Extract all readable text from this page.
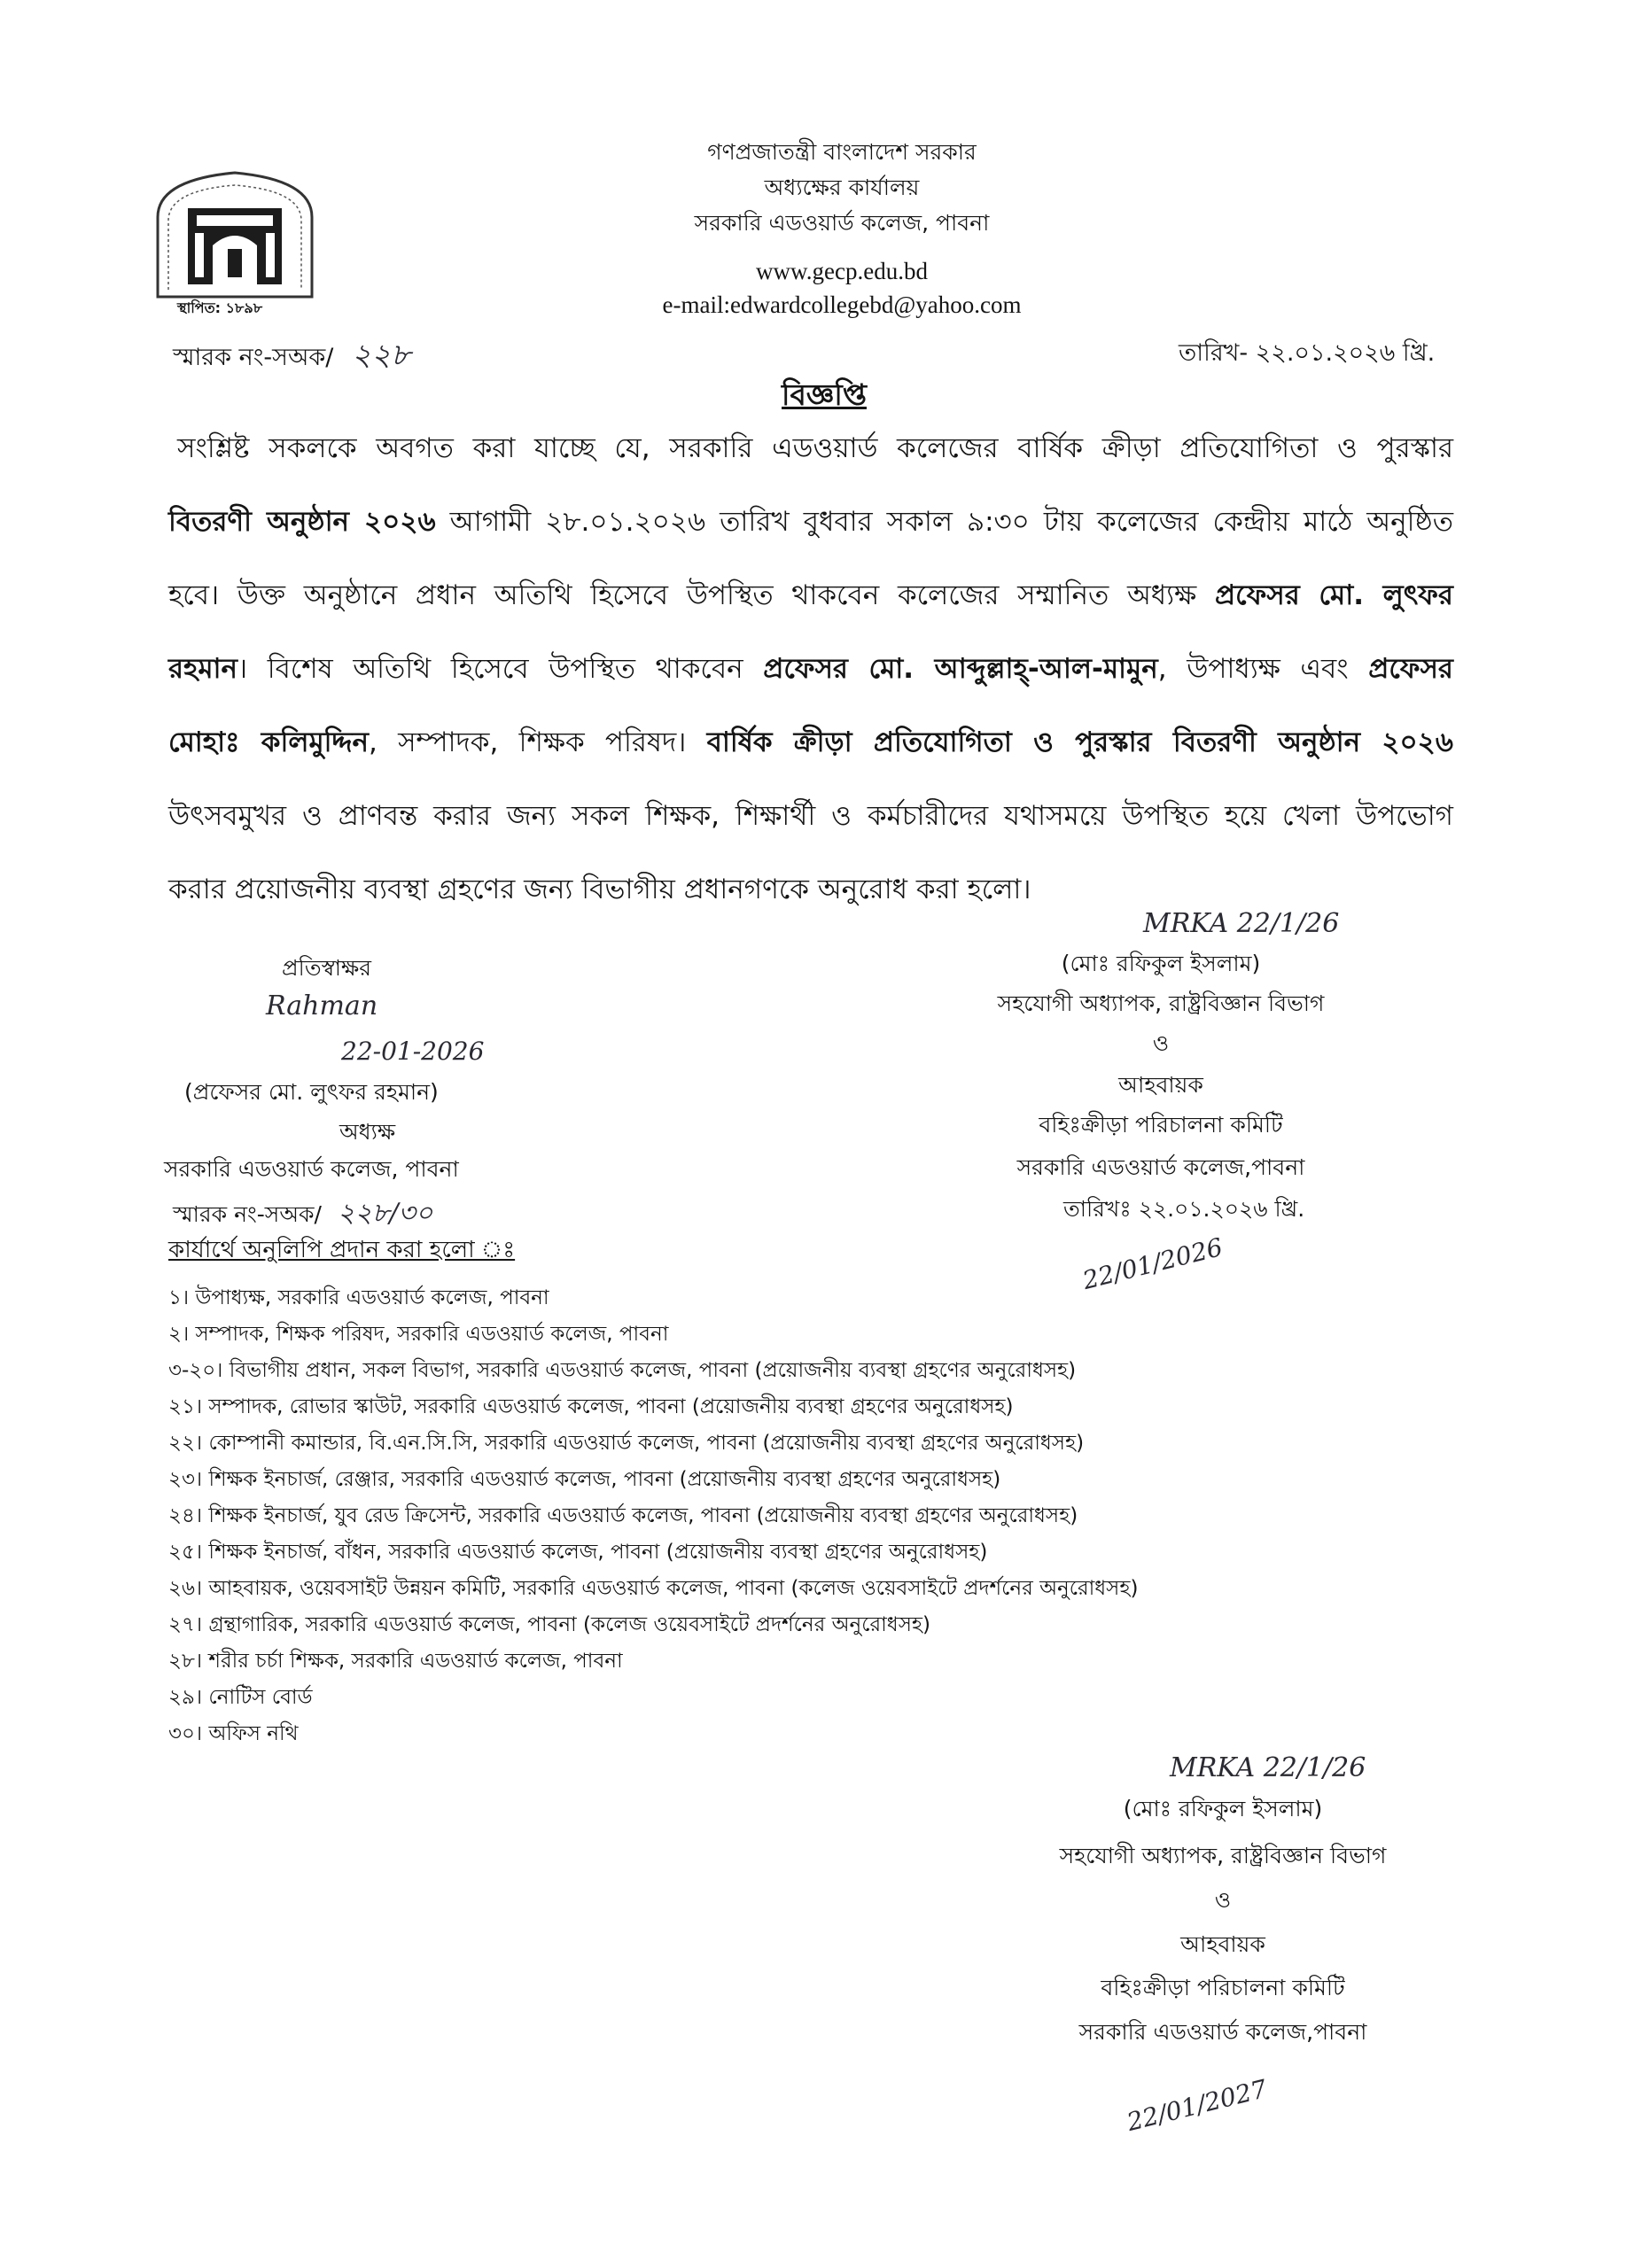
স্থাপিত: ১৮৯৮
গণপ্রজাতন্ত্রী বাংলাদেশ সরকার
অধ্যক্ষের কার্যালয়
সরকারি এডওয়ার্ড কলেজ, পাবনা
www.gecp.edu.bd
e-mail:edwardcollegebd@yahoo.com
স্মারক নং-সঅক/ ২২৮	তারিখ- ২২.০১.২০২৬ খ্রি.
বিজ্ঞপ্তি
সংশ্লিষ্ট সকলকে অবগত করা যাচ্ছে যে, সরকারি এডওয়ার্ড কলেজের বার্ষিক ক্রীড়া প্রতিযোগিতা ও পুরস্কার
বিতরণী অনুষ্ঠান ২০২৬ আগামী ২৮.০১.২০২৬ তারিখ বুধবার সকাল ৯:৩০ টায় কলেজের কেন্দ্রীয় মাঠে অনুষ্ঠিত
হবে। উক্ত অনুষ্ঠানে প্রধান অতিথি হিসেবে উপস্থিত থাকবেন কলেজের সম্মানিত অধ্যক্ষ প্রফেসর মো. লুৎফর
রহমান। বিশেষ অতিথি হিসেবে উপস্থিত থাকবেন প্রফেসর মো. আব্দুল্লাহ্-আল-মামুন, উপাধ্যক্ষ এবং প্রফেসর
মোহাঃ কলিমুদ্দিন, সম্পাদক, শিক্ষক পরিষদ। বার্ষিক ক্রীড়া প্রতিযোগিতা ও পুরস্কার বিতরণী অনুষ্ঠান ২০২৬
উৎসবমুখর ও প্রাণবন্ত করার জন্য সকল শিক্ষক, শিক্ষার্থী ও কর্মচারীদের যথাসময়ে উপস্থিত হয়ে খেলা উপভোগ
করার প্রয়োজনীয় ব্যবস্থা গ্রহণের জন্য বিভাগীয় প্রধানগণকে অনুরোধ করা হলো।
প্রতিস্বাক্ষর
Rahman
22-01-2026
(প্রফেসর মো. লুৎফর রহমান)
অধ্যক্ষ
সরকারি এডওয়ার্ড কলেজ, পাবনা
স্মারক নং-সঅক/ ২২৮/৩০
MRKA 22/1/26
(মোঃ রফিকুল ইসলাম)
সহযোগী অধ্যাপক, রাষ্ট্রবিজ্ঞান বিভাগ
ও
আহবায়ক
বহিঃক্রীড়া পরিচালনা কমিটি
সরকারি এডওয়ার্ড কলেজ,পাবনা
তারিখঃ ২২.০১.২০২৬ খ্রি.
22/01/2026
কার্যার্থে অনুলিপি প্রদান করা হলো ঃ
১। উপাধ্যক্ষ, সরকারি এডওয়ার্ড কলেজ, পাবনা
২। সম্পাদক, শিক্ষক পরিষদ, সরকারি এডওয়ার্ড কলেজ, পাবনা
৩-২০। বিভাগীয় প্রধান, সকল বিভাগ, সরকারি এডওয়ার্ড কলেজ, পাবনা (প্রয়োজনীয় ব্যবস্থা গ্রহণের অনুরোধসহ)
২১। সম্পাদক, রোভার স্কাউট, সরকারি এডওয়ার্ড কলেজ, পাবনা (প্রয়োজনীয় ব্যবস্থা গ্রহণের অনুরোধসহ)
২২। কোম্পানী কমান্ডার, বি.এন.সি.সি, সরকারি এডওয়ার্ড কলেজ, পাবনা (প্রয়োজনীয় ব্যবস্থা গ্রহণের অনুরোধসহ)
২৩। শিক্ষক ইনচার্জ, রেঞ্জার, সরকারি এডওয়ার্ড কলেজ, পাবনা (প্রয়োজনীয় ব্যবস্থা গ্রহণের অনুরোধসহ)
২৪। শিক্ষক ইনচার্জ, যুব রেড ক্রিসেন্ট, সরকারি এডওয়ার্ড কলেজ, পাবনা (প্রয়োজনীয় ব্যবস্থা গ্রহণের অনুরোধসহ)
২৫। শিক্ষক ইনচার্জ, বাঁধন, সরকারি এডওয়ার্ড কলেজ, পাবনা (প্রয়োজনীয় ব্যবস্থা গ্রহণের অনুরোধসহ)
২৬। আহবায়ক, ওয়েবসাইট উন্নয়ন কমিটি, সরকারি এডওয়ার্ড কলেজ, পাবনা (কলেজ ওয়েবসাইটে প্রদর্শনের অনুরোধসহ)
২৭। গ্রন্থাগারিক, সরকারি এডওয়ার্ড কলেজ, পাবনা (কলেজ ওয়েবসাইটে প্রদর্শনের অনুরোধসহ)
২৮। শরীর চর্চা শিক্ষক, সরকারি এডওয়ার্ড কলেজ, পাবনা
২৯। নোটিস বোর্ড
৩০। অফিস নথি
MRKA 22/1/26
(মোঃ রফিকুল ইসলাম)
সহযোগী অধ্যাপক, রাষ্ট্রবিজ্ঞান বিভাগ
ও
আহবায়ক
বহিঃক্রীড়া পরিচালনা কমিটি
সরকারি এডওয়ার্ড কলেজ,পাবনা
22/01/2027
